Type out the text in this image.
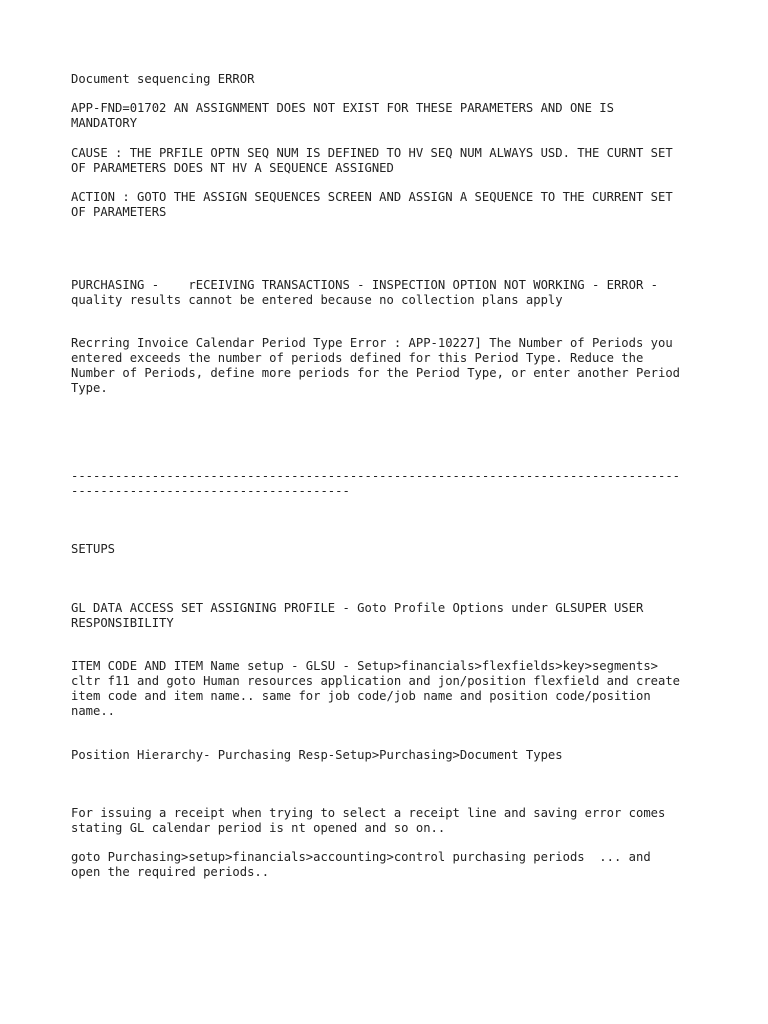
Document sequencing ERROR
APP-FND=01702 AN ASSIGNMENT DOES NOT EXIST FOR THESE PARAMETERS AND ONE IS
MANDATORY
CAUSE : THE PRFILE OPTN SEQ NUM IS DEFINED TO HV SEQ NUM ALWAYS USD. THE CURNT SET
OF PARAMETERS DOES NT HV A SEQUENCE ASSIGNED
ACTION : GOTO THE ASSIGN SEQUENCES SCREEN AND ASSIGN A SEQUENCE TO THE CURRENT SET
OF PARAMETERS
PURCHASING -    rECEIVING TRANSACTIONS - INSPECTION OPTION NOT WORKING - ERROR -
quality results cannot be entered because no collection plans apply
Recrring Invoice Calendar Period Type Error : APP-10227] The Number of Periods you
entered exceeds the number of periods defined for this Period Type. Reduce the
Number of Periods, define more periods for the Period Type, or enter another Period
Type.
-----------------------------------------------------------------------------------
--------------------------------------
SETUPS
GL DATA ACCESS SET ASSIGNING PROFILE - Goto Profile Options under GLSUPER USER
RESPONSIBILITY
ITEM CODE AND ITEM Name setup - GLSU - Setup>financials>flexfields>key>segments>
cltr f11 and goto Human resources application and jon/position flexfield and create
item code and item name.. same for job code/job name and position code/position
name..
Position Hierarchy- Purchasing Resp-Setup>Purchasing>Document Types
For issuing a receipt when trying to select a receipt line and saving error comes
stating GL calendar period is nt opened and so on..
goto Purchasing>setup>financials>accounting>control purchasing periods  ... and
open the required periods..
